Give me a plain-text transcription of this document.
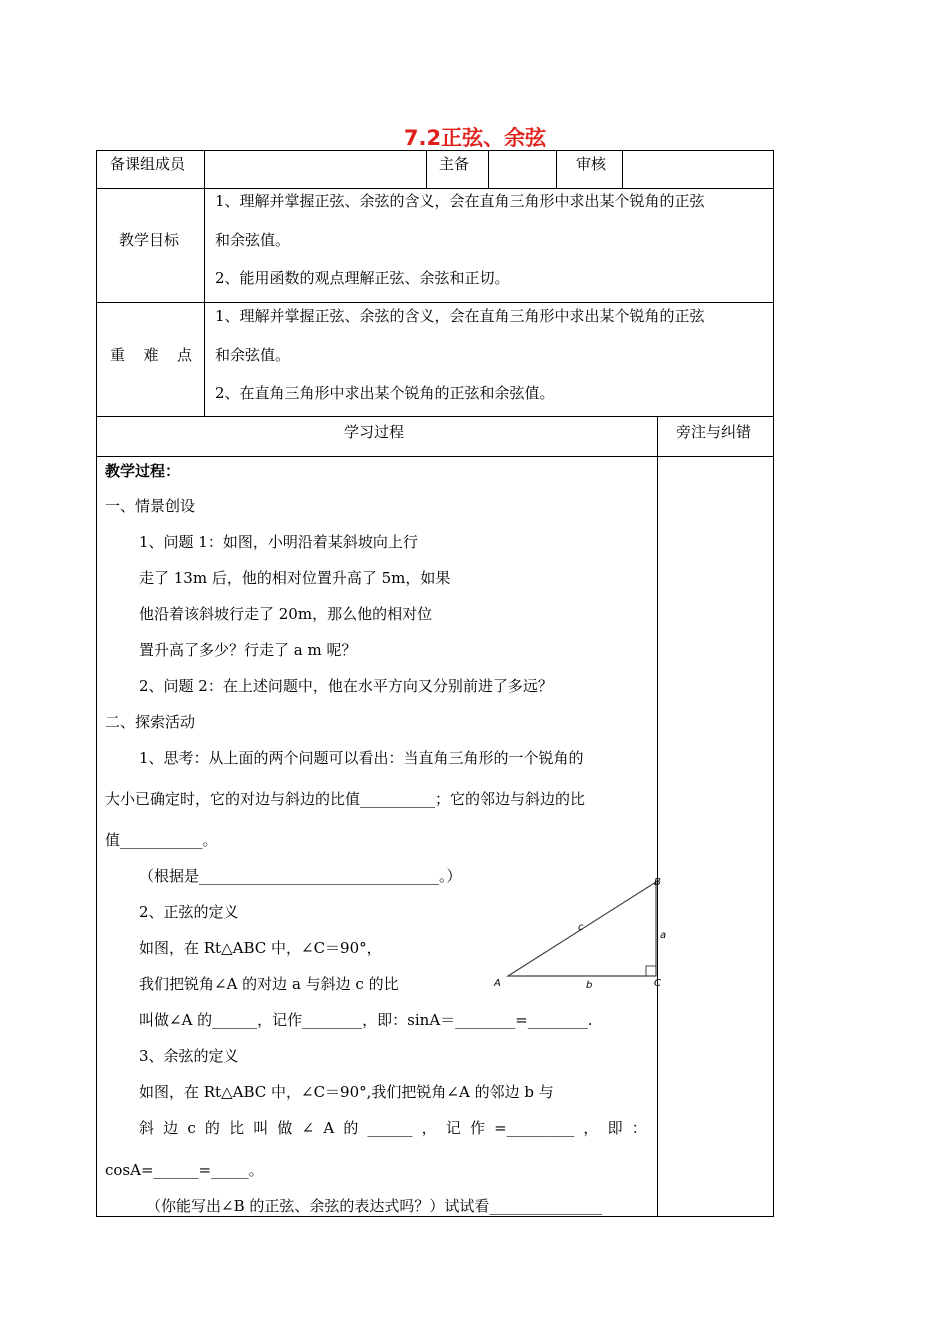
7.2正弦、余弦
备课组成员	主备	审核
教学目标
1、理解并掌握正弦、余弦的含义，会在直角三角形中求出某个锐角的正弦
和余弦值。
2、能用函数的观点理解正弦、余弦和正切。
重 难 点
1、理解并掌握正弦、余弦的含义，会在直角三角形中求出某个锐角的正弦
和余弦值。
2、在直角三角形中求出某个锐角的正弦和余弦值。
学习过程	旁注与纠错
教学过程：
一、情景创设
1、问题 1：如图，小明沿着某斜坡向上行
走了 13m 后，他的相对位置升高了 5m，如果
他沿着该斜坡行走了 20m，那么他的相对位
置升高了多少？行走了 a m 呢？
2、问题 2：在上述问题中，他在水平方向又分别前进了多远？
二、探索活动
1、思考：从上面的两个问题可以看出：当直角三角形的一个锐角的
大小已确定时，它的对边与斜边的比值__________；它的邻边与斜边的比
值___________。
（根据是________________________________。）
2、正弦的定义
如图，在 Rt△ABC 中，∠C＝90°，
我们把锐角∠A 的对边 a 与斜边 c 的比
叫做∠A 的______，记作________，即：sinA＝________=________.
3、余弦的定义
如图，在 Rt△ABC 中，∠C＝90°,我们把锐角∠A 的邻边 b 与
斜 边 c 的 比 叫 做 ∠ A 的 ______ ， 记 作 =_________ ， 即 ：
cosA=______=_____。
（你能写出∠B 的正弦、余弦的表达式吗？）试试看_______________
A
B
C
a
b
c
